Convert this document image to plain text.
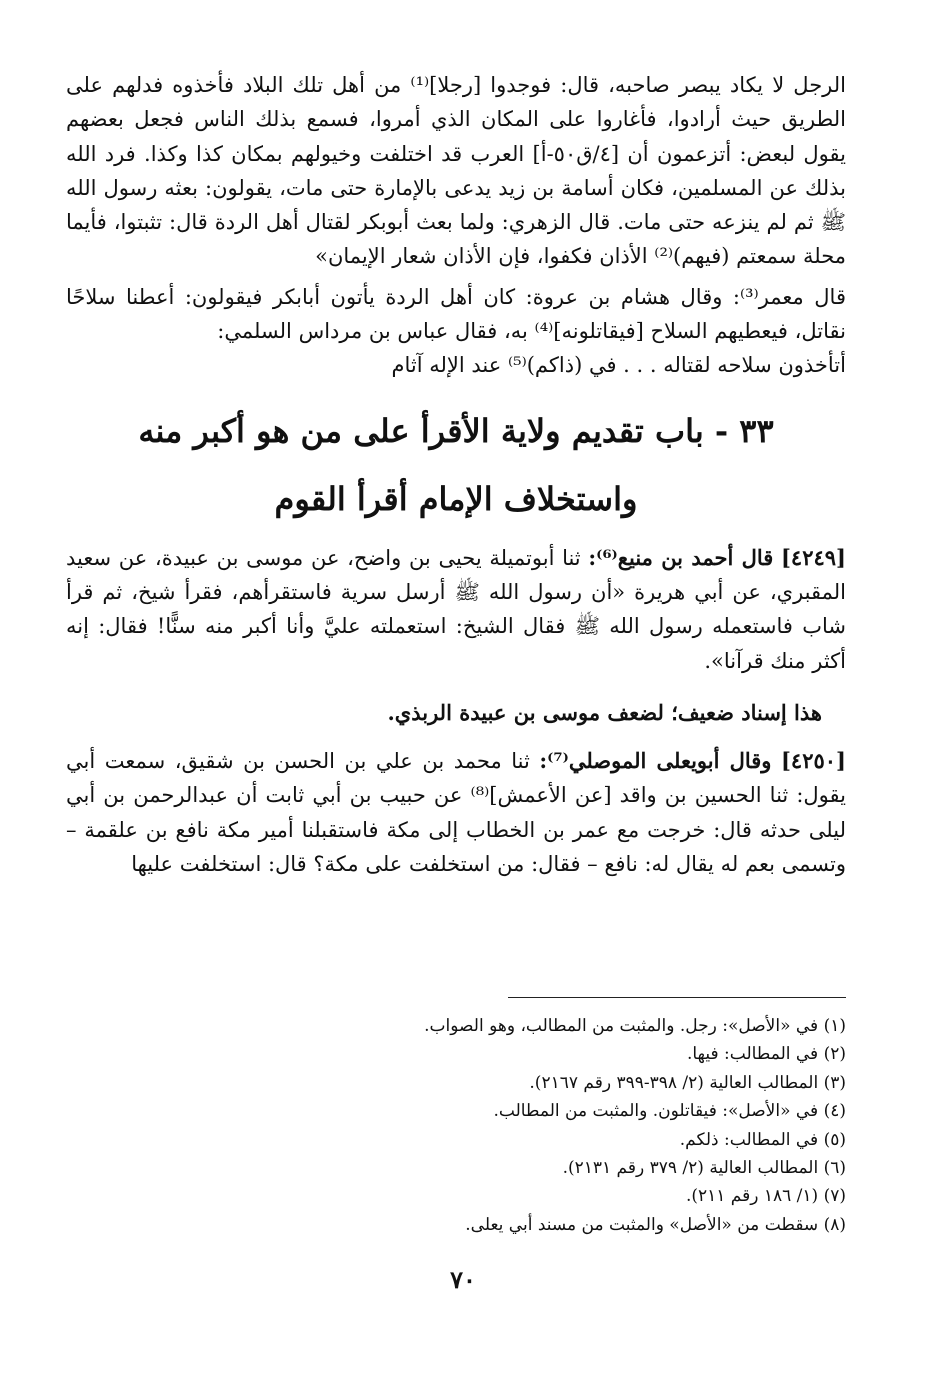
الرجل لا يكاد يبصر صاحبه، قال: فوجدوا [رجلا]⁽¹⁾ من أهل تلك البلاد فأخذوه فدلهم على الطريق حيث أرادوا، فأغاروا على المكان الذي أمروا، فسمع بذلك الناس فجعل بعضهم يقول لبعض: أتزعمون أن [٤/ق٥٠-أ] العرب قد اختلفت وخيولهم بمكان كذا وكذا. فرد الله بذلك عن المسلمين، فكان أسامة بن زيد يدعى بالإمارة حتى مات، يقولون: بعثه رسول الله ﷺ ثم لم ينزعه حتى مات. قال الزهري: ولما بعث أبوبكر لقتال أهل الردة قال: تثبتوا، فأيما محلة سمعتم (فيهم)⁽²⁾ الأذان فكفوا، فإن الأذان شعار الإيمان»

قال معمر⁽³⁾: وقال هشام بن عروة: كان أهل الردة يأتون أبابكر فيقولون: أعطنا سلاحًا نقاتل، فيعطيهم السلاح [فيقاتلونه]⁽⁴⁾ به، فقال عباس بن مرداس السلمي:

أتأخذون سلاحه لقتاله . . . في (ذاكم)⁽⁵⁾ عند الإله آثام

٣٣ - باب تقديم ولاية الأقرأ على من هو أكبر منه
واستخلاف الإمام أقرأ القوم

[٤٢٤٩] قال أحمد بن منيع⁽⁶⁾: ثنا أبوتميلة يحيى بن واضح، عن موسى بن عبيدة، عن سعيد المقبري، عن أبي هريرة «أن رسول الله ﷺ أرسل سرية فاستقرأهم، فقرأ شيخ، ثم قرأ شاب فاستعمله رسول الله ﷺ فقال الشيخ: استعملته عليَّ وأنا أكبر منه سنًّا! فقال: إنه أكثر منك قرآنا».

هذا إسناد ضعيف؛ لضعف موسى بن عبيدة الربذي.

[٤٢٥٠] وقال أبويعلى الموصلي⁽⁷⁾: ثنا محمد بن علي بن الحسن بن شقيق، سمعت أبي يقول: ثنا الحسين بن واقد [عن الأعمش]⁽⁸⁾ عن حبيب بن أبي ثابت أن عبدالرحمن بن أبي ليلى حدثه قال: خرجت مع عمر بن الخطاب إلى مكة فاستقبلنا أمير مكة نافع بن علقمة – وتسمى بعم له يقال له: نافع – فقال: من استخلفت على مكة؟ قال: استخلفت عليها

(١) في «الأصل»: رجل. والمثبت من المطالب، وهو الصواب.
(٢) في المطالب: فيها.
(٣) المطالب العالية (٢/ ٣٩٨-٣٩٩ رقم ٢١٦٧).
(٤) في «الأصل»: فيقاتلون. والمثبت من المطالب.
(٥) في المطالب: ذلكم.
(٦) المطالب العالية (٢/ ٣٧٩ رقم ٢١٣١).
(٧) (١/ ١٨٦ رقم ٢١١).
(٨) سقطت من «الأصل» والمثبت من مسند أبي يعلى.
٧٠
